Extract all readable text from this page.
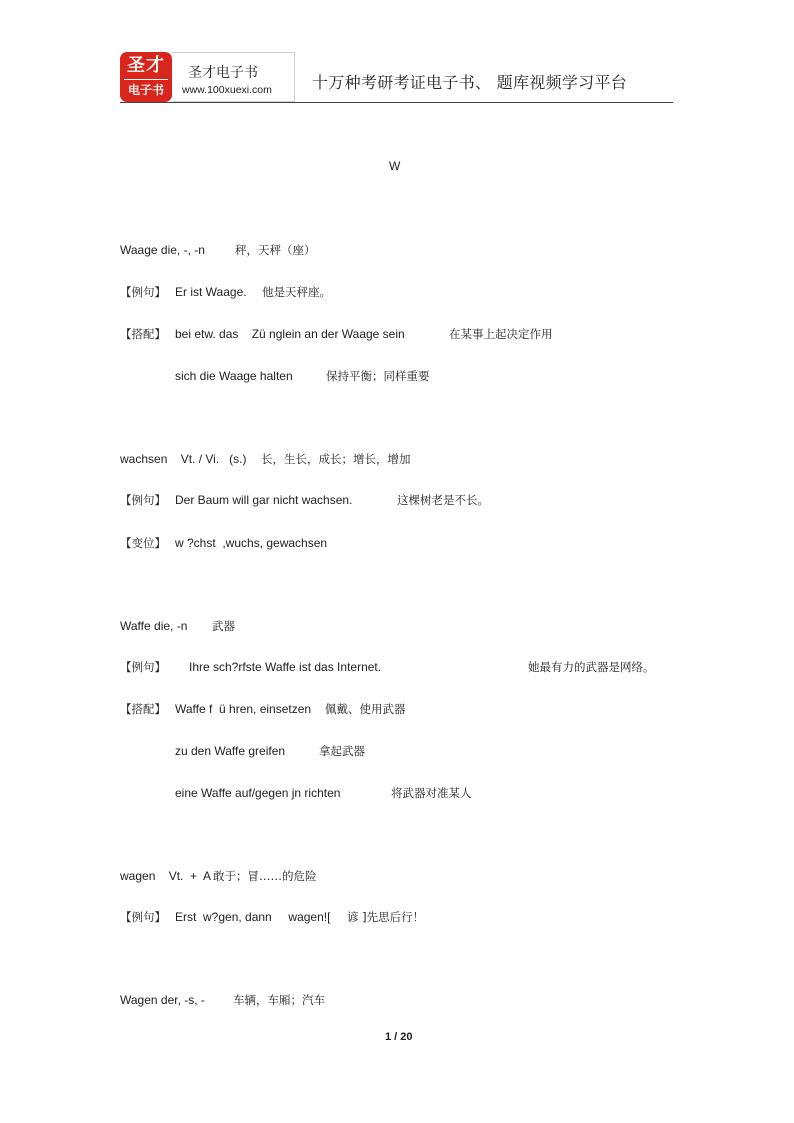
圣才
电子书
圣才电子书
www.100xuexi.com	十万种考研考证电子书、 题库视频学习平台
W
Waage die, -, -n	秤，天秤（座）
【例句】 Er ist Waage. 他是天秤座。
【搭配】 bei etw. das    Zü nglein an der Waage sein	在某事上起决定作用
sich die Waage halten	保持平衡；同样重要
wachsen    Vt. / Vi.   (s.) 长，生长，成长；增长，增加
【例句】 Der Baum will gar nicht wachsen.	这棵树老是不长。
【变位】 w ?chst  ,wuchs, gewachsen
Waffe die, -n 武器
【例句】 Ihre sch?rfste Waffe ist das Internet.	她最有力的武器是网络。
【搭配】 Waffe f  ü hren, einsetzen 佩戴、使用武器
zu den Waffe greifen	拿起武器
eine Waffe auf/gegen jn richten	将武器对准某人
wagen    Vt.  +  A 敢于；冒……的危险
【例句】 Erst  w?gen, dann     wagen![ 谚 ]先思后行！
Wagen der, -s, - 车辆，车厢；汽车
1 / 20
